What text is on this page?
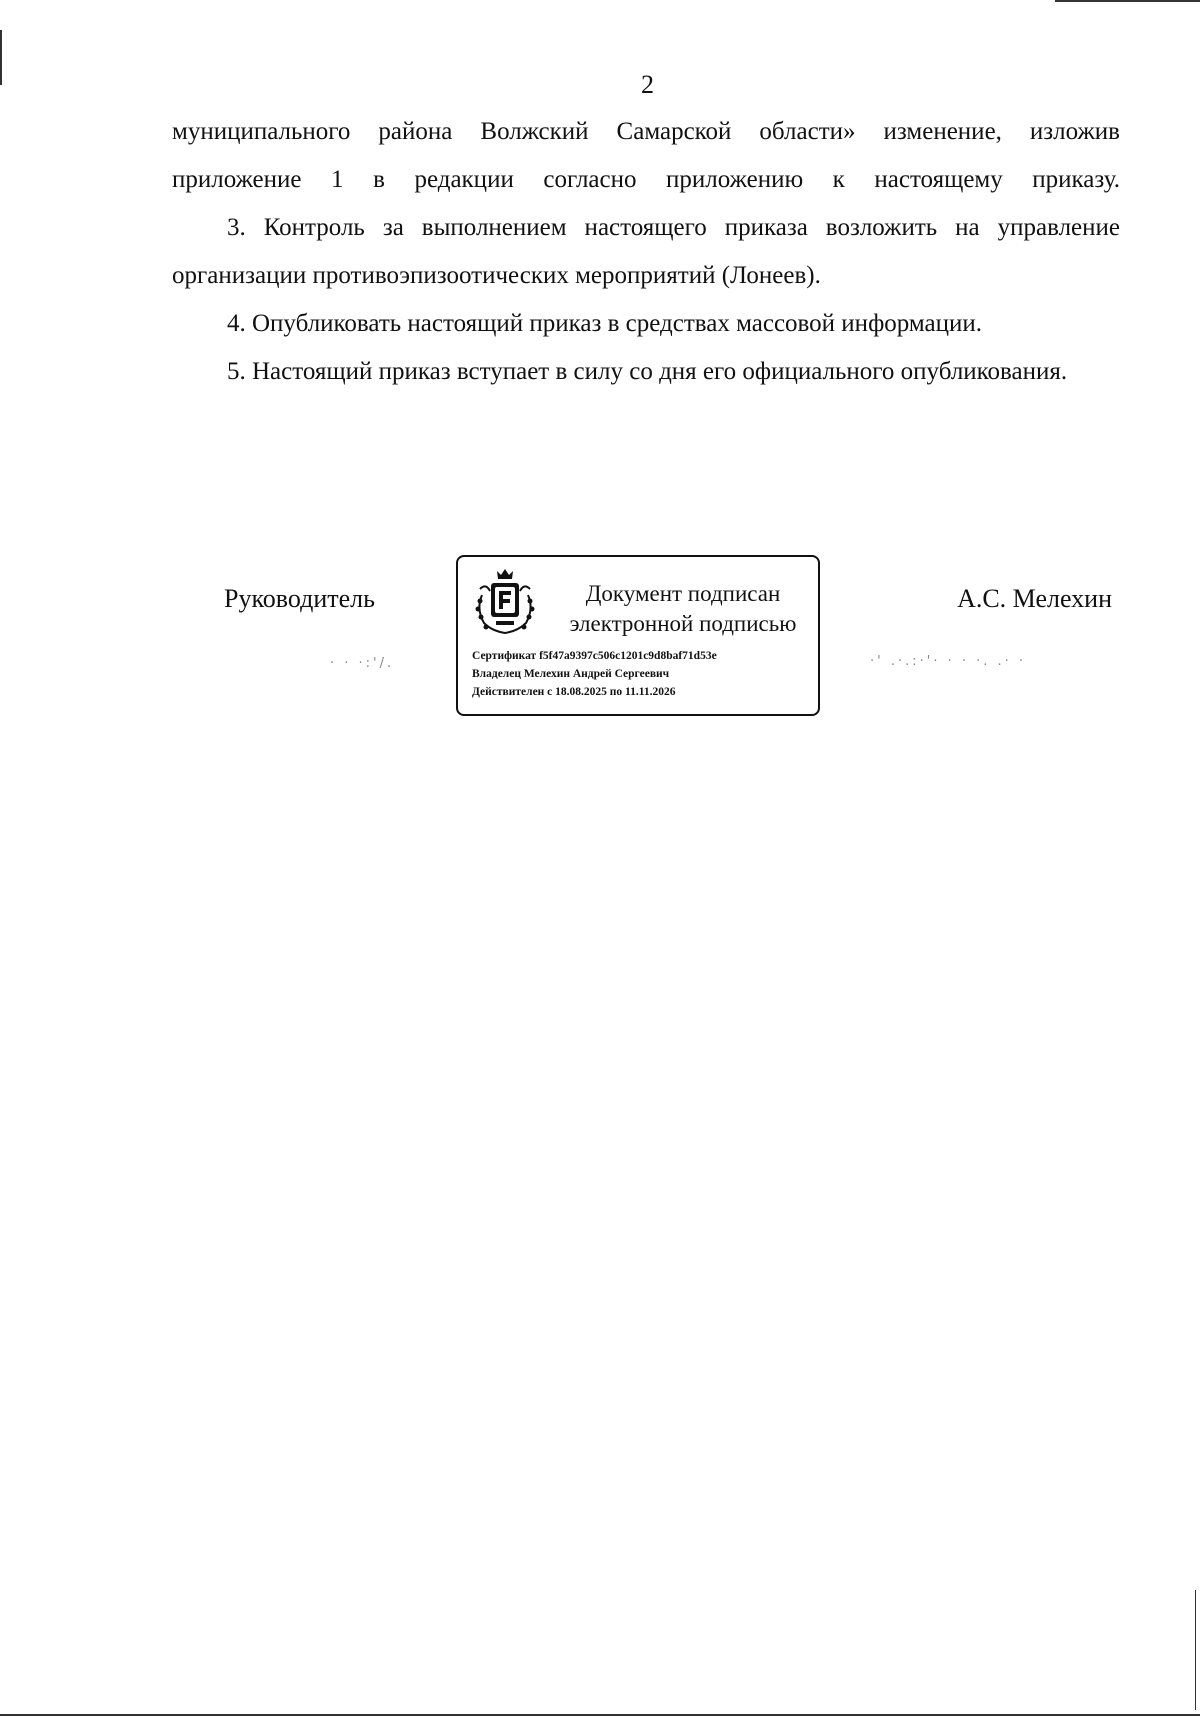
2

муниципального района Волжский Самарской области» изменение, изложив приложение 1 в редакции согласно приложению к настоящему приказу.

3. Контроль за выполнением настоящего приказа возложить на управление организации противоэпизоотических мероприятий (Лонеев).

4. Опубликовать настоящий приказ в средствах массовой информации.

5. Настоящий приказ вступает в силу со дня его официального опубликования.

Руководитель	А.С. Мелехин
· · ·:'/.	·' .·.:·'· · · ·. .· ·
Документ подписан
электронной подписью
Сертификат f5f47a9397c506c1201c9d8baf71d53e
Владелец Мелехин Андрей Сергеевич
Действителен с 18.08.2025 по 11.11.2026
